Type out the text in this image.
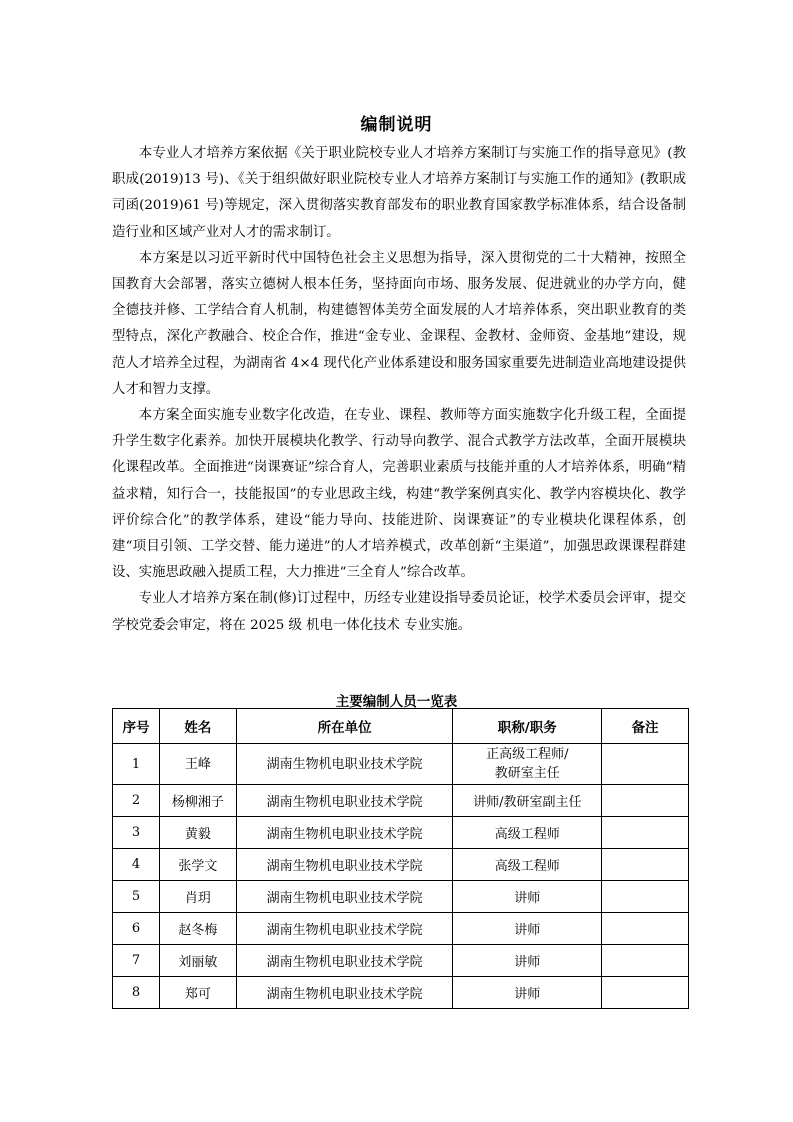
编制说明

本专业人才培养方案依据《关于职业院校专业人才培养方案制订与实施工作的指导意见》(教职成(2019)13 号)、《关于组织做好职业院校专业人才培养方案制订与实施工作的通知》(教职成司函(2019)61 号)等规定，深入贯彻落实教育部发布的职业教育国家教学标准体系，结合设备制造行业和区域产业对人才的需求制订。

本方案是以习近平新时代中国特色社会主义思想为指导，深入贯彻党的二十大精神，按照全国教育大会部署，落实立德树人根本任务，坚持面向市场、服务发展、促进就业的办学方向，健全德技并修、工学结合育人机制，构建德智体美劳全面发展的人才培养体系，突出职业教育的类型特点，深化产教融合、校企合作，推进“金专业、金课程、金教材、金师资、金基地”建设，规范人才培养全过程，为湖南省 4×4 现代化产业体系建设和服务国家重要先进制造业高地建设提供人才和智力支撑。

本方案全面实施专业数字化改造，在专业、课程、教师等方面实施数字化升级工程，全面提升学生数字化素养。加快开展模块化教学、行动导向教学、混合式教学方法改革，全面开展模块化课程改革。全面推进“岗课赛证”综合育人，完善职业素质与技能并重的人才培养体系，明确“精益求精，知行合一，技能报国”的专业思政主线，构建“教学案例真实化、教学内容模块化、教学评价综合化”的教学体系，建设“能力导向、技能进阶、岗课赛证”的专业模块化课程体系，创建“项目引领、工学交替、能力递进”的人才培养模式，改革创新“主渠道”，加强思政课课程群建设、实施思政融入提质工程，大力推进“三全育人”综合改革。

专业人才培养方案在制(修)订过程中，历经专业建设指导委员论证，校学术委员会评审，提交学校党委会审定，将在 2025 级 机电一体化技术 专业实施。

主要编制人员一览表
序号	姓名	所在单位	职称/职务	备注
1	王峰	湖南生物机电职业技术学院	正高级工程师/
教研室主任	

2	杨柳湘子	湖南生物机电职业技术学院	讲师/教研室副主任	
3	黄毅	湖南生物机电职业技术学院	高级工程师	
4	张学文	湖南生物机电职业技术学院	高级工程师	
5	肖玥	湖南生物机电职业技术学院	讲师	
6	赵冬梅	湖南生物机电职业技术学院	讲师	
7	刘丽敏	湖南生物机电职业技术学院	讲师	
8	郑可	湖南生物机电职业技术学院	讲师	
